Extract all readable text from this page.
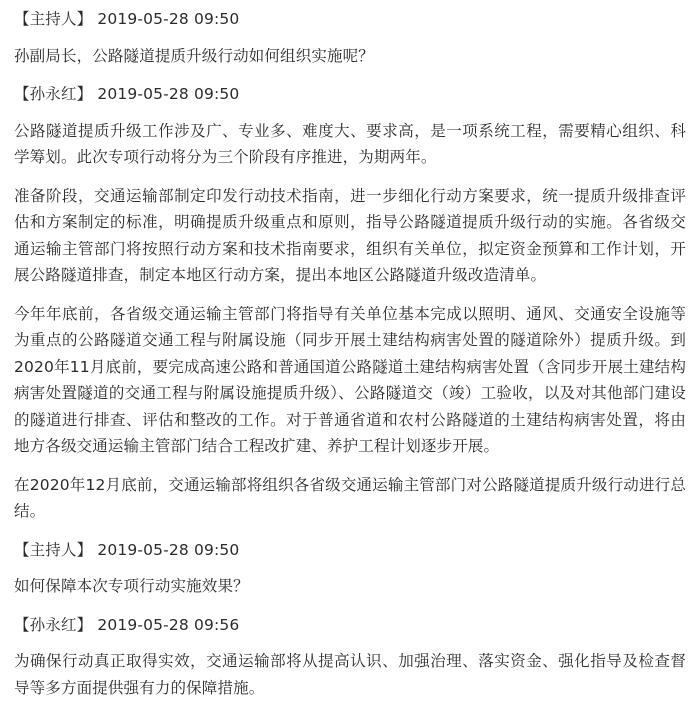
【主持人】 2019-05-28 09:50

孙副局长，公路隧道提质升级行动如何组织实施呢？

【孙永红】 2019-05-28 09:50

公路隧道提质升级工作涉及广、专业多、难度大、要求高，是一项系统工程，需要精心组织、科学筹划。此次专项行动将分为三个阶段有序推进，为期两年。

准备阶段，交通运输部制定印发行动技术指南，进一步细化行动方案要求，统一提质升级排查评估和方案制定的标准，明确提质升级重点和原则，指导公路隧道提质升级行动的实施。各省级交通运输主管部门将按照行动方案和技术指南要求，组织有关单位，拟定资金预算和工作计划，开展公路隧道排查，制定本地区行动方案，提出本地区公路隧道升级改造清单。

今年年底前，各省级交通运输主管部门将指导有关单位基本完成以照明、通风、交通安全设施等为重点的公路隧道交通工程与附属设施（同步开展土建结构病害处置的隧道除外）提质升级。到2020年11月底前，要完成高速公路和普通国道公路隧道土建结构病害处置（含同步开展土建结构病害处置隧道的交通工程与附属设施提质升级）、公路隧道交（竣）工验收，以及对其他部门建设的隧道进行排查、评估和整改的工作。对于普通省道和农村公路隧道的土建结构病害处置，将由地方各级交通运输主管部门结合工程改扩建、养护工程计划逐步开展。

在2020年12月底前，交通运输部将组织各省级交通运输主管部门对公路隧道提质升级行动进行总结。

【主持人】 2019-05-28 09:50

如何保障本次专项行动实施效果？

【孙永红】 2019-05-28 09:56

为确保行动真正取得实效，交通运输部将从提高认识、加强治理、落实资金、强化指导及检查督导等多方面提供强有力的保障措施。
